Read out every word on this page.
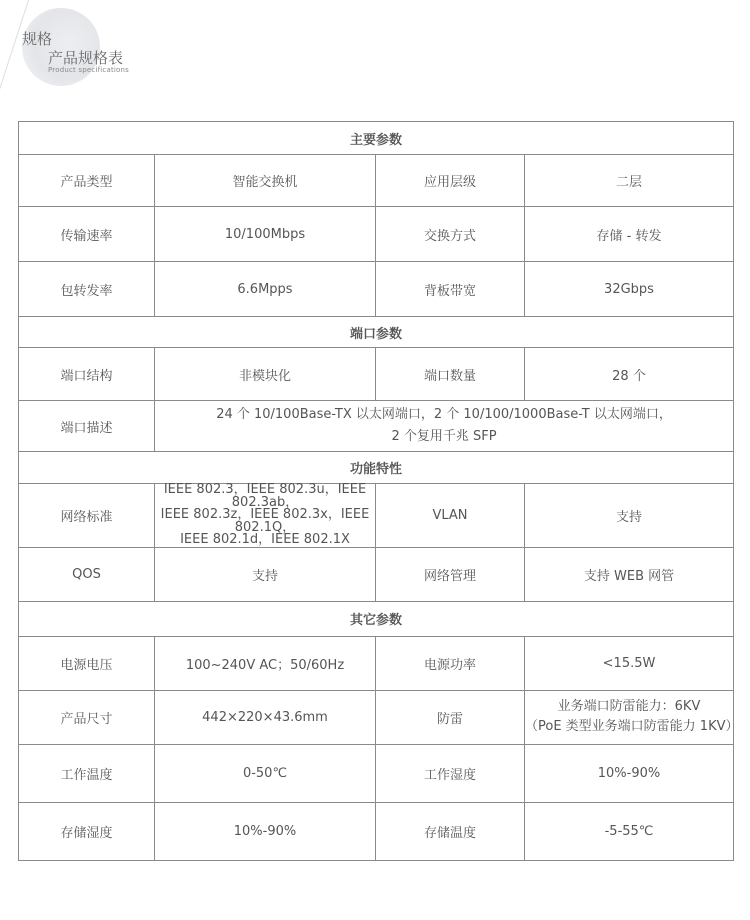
规格
产品规格表
Product specifications
主要参数			
产品类型	智能交换机	应用层级	二层
传输速率	10/100Mbps	交换方式	存储 - 转发
包转发率	6.6Mpps	背板带宽	32Gbps
端口参数			
端口结构	非模块化	端口数量	28 个
端口描述	24 个 10/100Base-TX 以太网端口，2 个 10/100/1000Base-T 以太网端口，
2 个复用千兆 SFP		

功能特性			
网络标准	IEEE 802.3，IEEE 802.3u，IEEE 802.3ab，
IEEE 802.3z，IEEE 802.3x，IEEE 802.1Q，
IEEE 802.1d，IEEE 802.1X	VLAN	支持
QOS	支持	网络管理	支持 WEB 网管
其它参数			
电源电压	100~240V AC；50/60Hz	电源功率	<15.5W
产品尺寸	442×220×43.6mm	防雷	业务端口防雷能力：6KV
（PoE 类型业务端口防雷能力 1KV）

工作温度	0-50℃	工作湿度	10%-90%
存储湿度	10%-90%	存储温度	-5-55℃
